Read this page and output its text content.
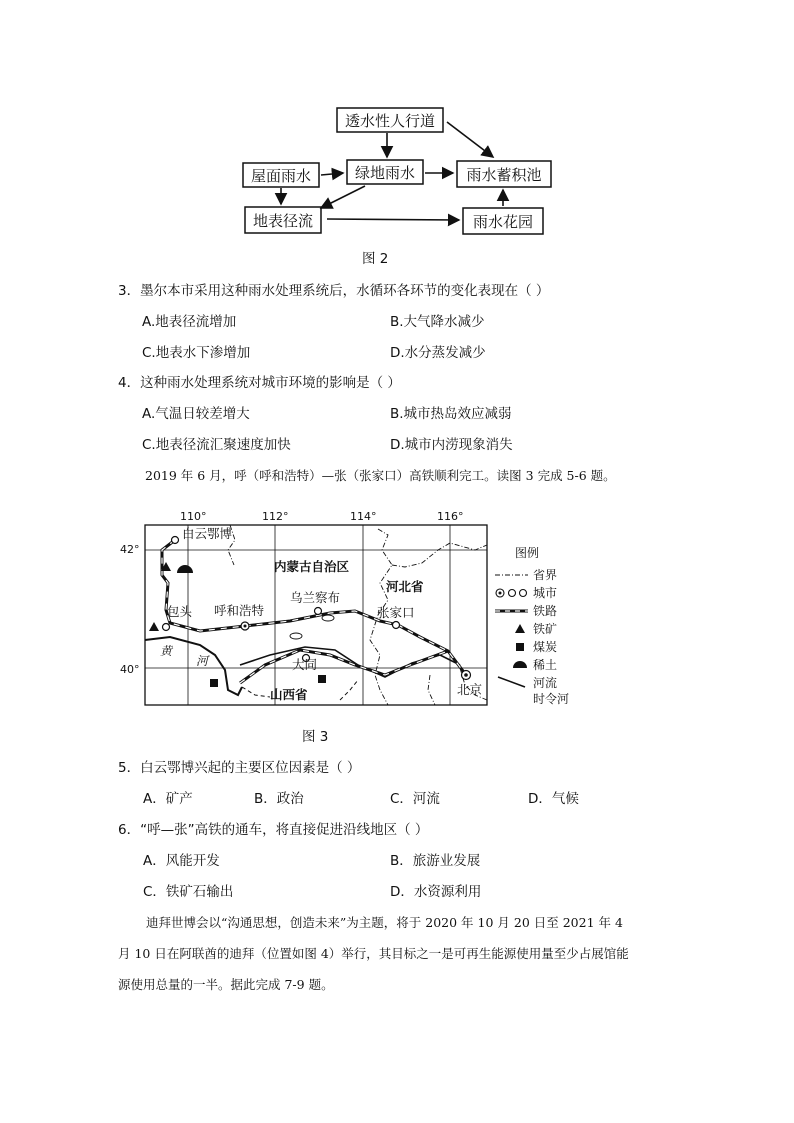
透水性人行道
屋面雨水	绿地雨水	雨水蓄积池
地表径流	雨水花园
图 2
3．墨尔本市采用这种雨水处理系统后，水循环各环节的变化表现在（ ）
A.地表径流增加	B.大气降水减少
C.地表水下渗增加	D.水分蒸发减少
4．这种雨水处理系统对城市环境的影响是（ ）
A.气温日较差增大	B.城市热岛效应减弱
C.地表径流汇聚速度加快	D.城市内涝现象消失
2019 年 6 月，呼（呼和浩特）—张（张家口）高铁顺利完工。读图 3 完成 5-6 题。
110°	112°	114°	116°
42°
40°
白云鄂博
内蒙古自治区
河北省
包头 呼和浩特
乌兰察布
张家口
大同
山西省	北京
黄
河
图例
省界
城市
铁路
铁矿
煤炭
稀土
河流
时令河
图 3
5．白云鄂博兴起的主要区位因素是（ ）
A．矿产	B．政治	C．河流	D．气候
6．“呼—张”高铁的通车，将直接促进沿线地区（ ）
A．风能开发	B．旅游业发展
C．铁矿石输出	D．水资源利用
迪拜世博会以“沟通思想，创造未来”为主题，将于 2020 年 10 月 20 日至 2021 年 4
月 10 日在阿联酋的迪拜（位置如图 4）举行，其目标之一是可再生能源使用量至少占展馆能
源使用总量的一半。据此完成 7-9 题。
